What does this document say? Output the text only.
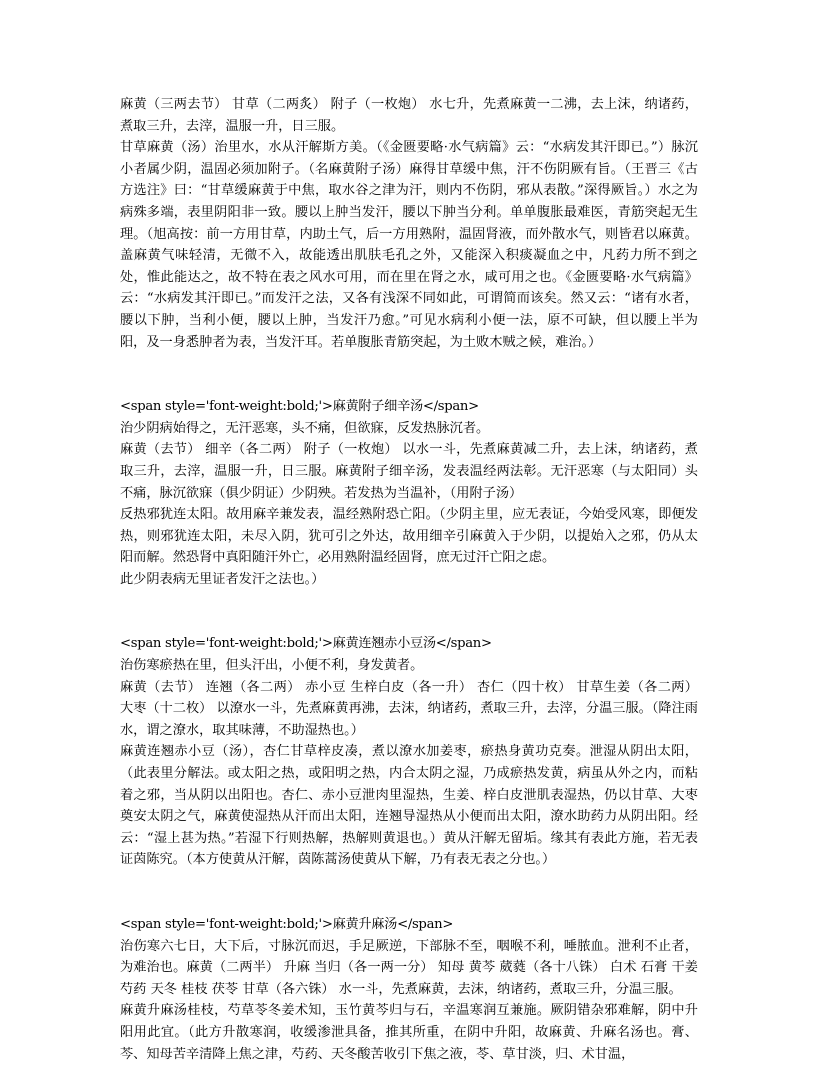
麻黄（三两去节） 甘草（二两炙） 附子（一枚炮） 水七升，先煮麻黄一二沸，去上沫，纳诸药，煮取三升，去滓，温服一升，日三服。

甘草麻黄（汤）治里水，水从汗解斯方美。（《金匮要略·水气病篇》云：“水病发其汗即已。”）脉沉小者属少阴，温固必须加附子。（名麻黄附子汤）麻得甘草缓中焦，汗不伤阴厥有旨。（王晋三《古方选注》曰：“甘草缓麻黄于中焦，取水谷之津为汗，则内不伤阴，邪从表散。”深得厥旨。）水之为病殊多端，表里阴阳非一致。腰以上肿当发汗，腰以下肿当分利。单单腹胀最难医，青筋突起无生理。（旭高按：前一方用甘草，内助土气，后一方用熟附，温固肾液，而外散水气，则皆君以麻黄。盖麻黄气味轻清，无微不入，故能透出肌肤毛孔之外，又能深入积痰凝血之中，凡药力所不到之处，惟此能达之，故不特在表之风水可用，而在里在肾之水，咸可用之也。《金匮要略·水气病篇》云：“水病发其汗即已。”而发汗之法，又各有浅深不同如此，可谓简而该矣。然又云：“诸有水者，腰以下肿，当利小便，腰以上肿，当发汗乃愈。”可见水病利小便一法，原不可缺，但以腰上半为阳，及一身悉肿者为表，当发汗耳。若单腹胀青筋突起，为土败木贼之候，难治。）

<span style='font-weight:bold;'>麻黄附子细辛汤</span>

治少阴病始得之，无汗恶寒，头不痛，但欲寐，反发热脉沉者。

麻黄（去节） 细辛（各二两） 附子（一枚炮） 以水一斗，先煮麻黄减二升，去上沫，纳诸药，煮取三升，去滓，温服一升，日三服。麻黄附子细辛汤，发表温经两法彰。无汗恶寒（与太阳同）头不痛，脉沉欲寐（俱少阴证）少阴殃。若发热为当温补，（用附子汤）

反热邪犹连太阳。故用麻辛兼发表，温经熟附恐亡阳。（少阴主里，应无表证，今始受风寒，即便发热，则邪犹连太阳，未尽入阴，犹可引之外达，故用细辛引麻黄入于少阴，以提始入之邪，仍从太阳而解。然恐肾中真阳随汗外亡，必用熟附温经固肾，庶无过汗亡阳之虑。

此少阴表病无里证者发汗之法也。）

<span style='font-weight:bold;'>麻黄连翘赤小豆汤</span>

治伤寒瘀热在里，但头汗出，小便不利，身发黄者。

麻黄（去节） 连翘（各二两） 赤小豆 生梓白皮（各一升） 杏仁（四十枚） 甘草生姜（各二两） 大枣（十二枚） 以潦水一斗，先煮麻黄再沸，去沫，纳诸药，煮取三升，去滓，分温三服。（降注雨水，谓之潦水，取其味薄，不助湿热也。）

麻黄连翘赤小豆（汤），杏仁甘草梓皮凑，煮以潦水加姜枣，瘀热身黄功克奏。泄湿从阴出太阳，（此表里分解法。或太阳之热，或阳明之热，内合太阴之湿，乃成瘀热发黄，病虽从外之内，而粘着之邪，当从阴以出阳也。杏仁、赤小豆泄肉里湿热，生姜、梓白皮泄肌表湿热，仍以甘草、大枣奠安太阴之气，麻黄使湿热从汗而出太阳，连翘导湿热从小便而出太阳，潦水助药力从阴出阳。经云：“湿上甚为热。”若湿下行则热解，热解则黄退也。）黄从汗解无留垢。缘其有表此方施，若无表证茵陈究。（本方使黄从汗解，茵陈蒿汤使黄从下解，乃有表无表之分也。）

<span style='font-weight:bold;'>麻黄升麻汤</span>

治伤寒六七日，大下后，寸脉沉而迟，手足厥逆，下部脉不至，咽喉不利，唾脓血。泄利不止者，为难治也。麻黄（二两半） 升麻 当归（各一两一分） 知母 黄芩 葳蕤（各十八铢） 白术 石膏 干姜 芍药 天冬 桂枝 茯苓 甘草（各六铢） 水一斗，先煮麻黄，去沫，纳诸药，煮取三升，分温三服。

麻黄升麻汤桂枝，芍草苓冬姜术知，玉竹黄芩归与石，辛温寒润互兼施。厥阴错杂邪难解，阴中升阳用此宜。（此方升散寒润，收缓渗泄具备，推其所重，在阴中升阳，故麻黄、升麻名汤也。膏、芩、知母苦辛清降上焦之津，芍药、天冬酸苦收引下焦之液，苓、草甘淡，归、术甘温，
